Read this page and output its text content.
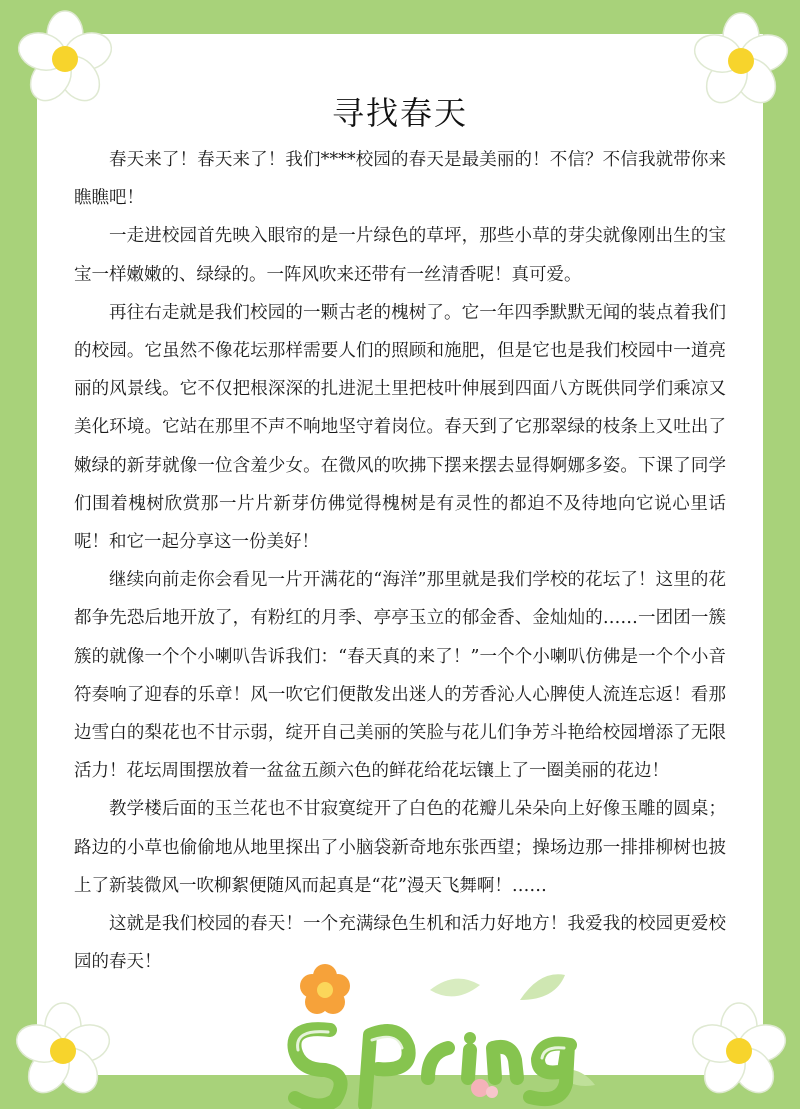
寻找春天

春天来了！春天来了！我们****校园的春天是最美丽的！不信？不信我就带你来瞧瞧吧！

一走进校园首先映入眼帘的是一片绿色的草坪，那些小草的芽尖就像刚出生的宝宝一样嫩嫩的、绿绿的。一阵风吹来还带有一丝清香呢！真可爱。

再往右走就是我们校园的一颗古老的槐树了。它一年四季默默无闻的装点着我们的校园。它虽然不像花坛那样需要人们的照顾和施肥，但是它也是我们校园中一道亮丽的风景线。它不仅把根深深的扎进泥土里把枝叶伸展到四面八方既供同学们乘凉又美化环境。它站在那里不声不响地坚守着岗位。春天到了它那翠绿的枝条上又吐出了嫩绿的新芽就像一位含羞少女。在微风的吹拂下摆来摆去显得婀娜多姿。下课了同学们围着槐树欣赏那一片片新芽仿佛觉得槐树是有灵性的都迫不及待地向它说心里话呢！和它一起分享这一份美好！

继续向前走你会看见一片开满花的“海洋”那里就是我们学校的花坛了！这里的花都争先恐后地开放了，有粉红的月季、亭亭玉立的郁金香、金灿灿的……一团团一簇簇的就像一个个小喇叭告诉我们：“春天真的来了！”一个个小喇叭仿佛是一个个小音符奏响了迎春的乐章！风一吹它们便散发出迷人的芳香沁人心脾使人流连忘返！看那边雪白的梨花也不甘示弱，绽开自己美丽的笑脸与花儿们争芳斗艳给校园增添了无限活力！花坛周围摆放着一盆盆五颜六色的鲜花给花坛镶上了一圈美丽的花边！

教学楼后面的玉兰花也不甘寂寞绽开了白色的花瓣儿朵朵向上好像玉雕的圆桌；路边的小草也偷偷地从地里探出了小脑袋新奇地东张西望；操场边那一排排柳树也披上了新装微风一吹柳絮便随风而起真是“花”漫天飞舞啊！……

这就是我们校园的春天！一个充满绿色生机和活力好地方！我爱我的校园更爱校园的春天！
